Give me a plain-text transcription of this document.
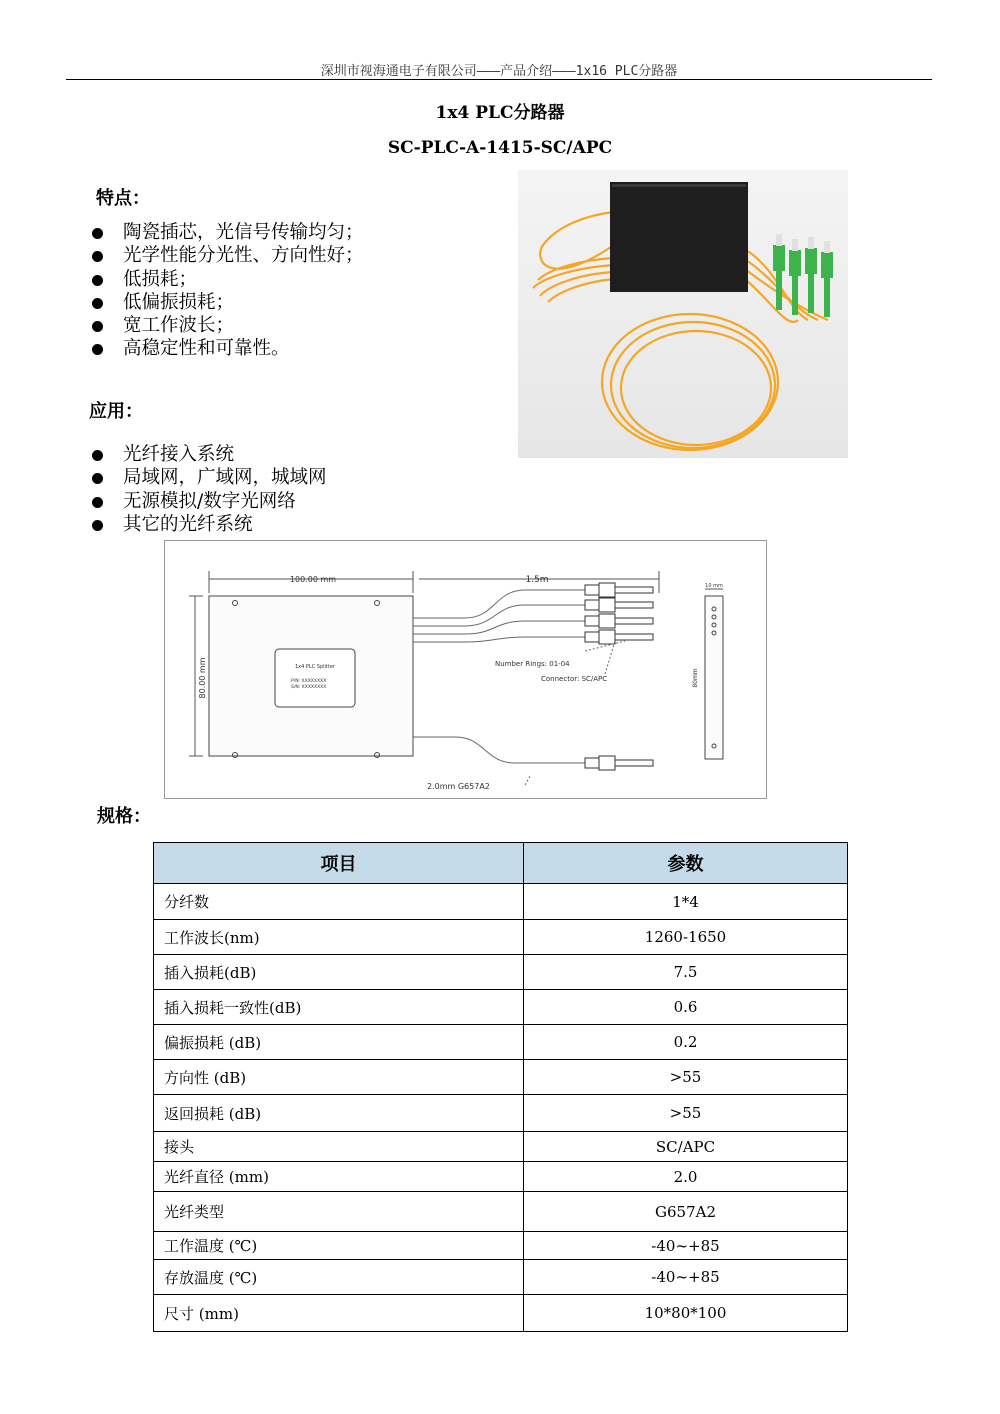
深圳市视海通电子有限公司———产品介绍———1x16 PLC分路器
1x4 PLC分路器
SC-PLC-A-1415-SC/APC
特点：
陶瓷插芯，光信号传输均匀；
光学性能分光性、方向性好；
低损耗；
低偏振损耗；
宽工作波长；
高稳定性和可靠性。
应用：
光纤接入系统
局域网，广域网，城域网
无源模拟/数字光网络
其它的光纤系统
100.00 mm	1.5m
80.00 mm	1x4 PLC Splitter
P/N: XXXXXXXX
S/N: XXXXXXXX
Number Rings: 01-04
Connector: SC/APC
2.0mm G657A2
10 mm
80mm
规格：
项目	参数
分纤数	1*4
工作波长(nm)	1260-1650
插入损耗(dB)	7.5
插入损耗一致性(dB)	0.6
偏振损耗 (dB)	0.2
方向性 (dB)	>55
返回损耗 (dB)	>55
接头	SC/APC
光纤直径 (mm)	2.0
光纤类型	G657A2
工作温度 (℃)	-40~+85
存放温度 (℃)	-40~+85
尺寸 (mm)	10*80*100
